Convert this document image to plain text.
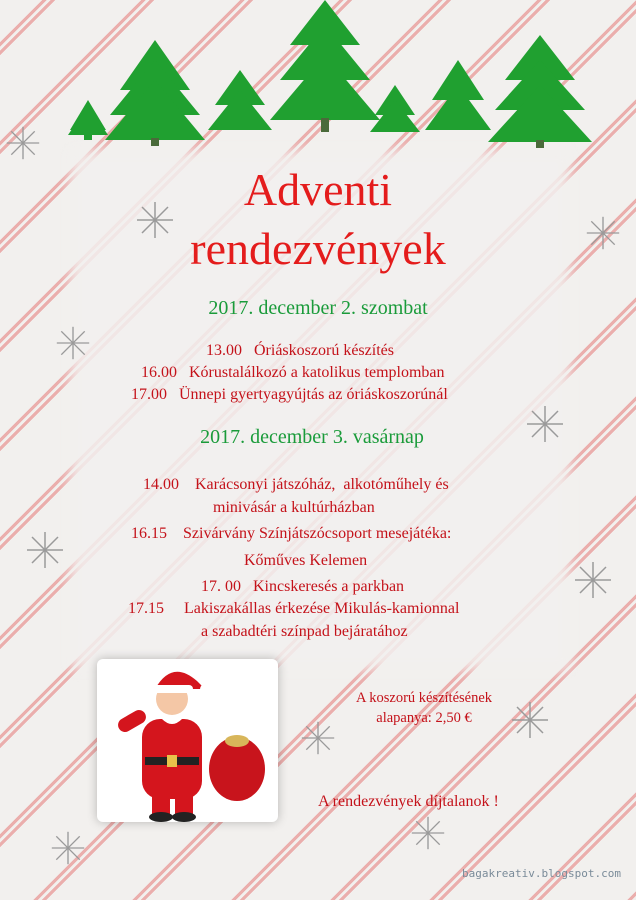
Adventi
rendezvények
2017. december 2. szombat
13.00   Óriáskoszorú készítés
16.00   Kórustalálkozó a katolikus templomban
17.00   Ünnepi gyertyagyújtás az óriáskoszorúnál
2017. december 3. vasárnap
14.00    Karácsonyi játszóház,  alkotóműhely és
minivásár a kultúrházban
16.15    Szivárvány Színjátszócsoport mesejátéka:
Kőműves Kelemen
17. 00   Kincskeresés a parkban
17.15     Lakiszakállas érkezése Mikulás-kamionnal
a szabadtéri színpad bejáratához
A koszorú készítésének
alapanya: 2,50 €
A rendezvények díjtalanok !
bagakreativ.blogspot.com
